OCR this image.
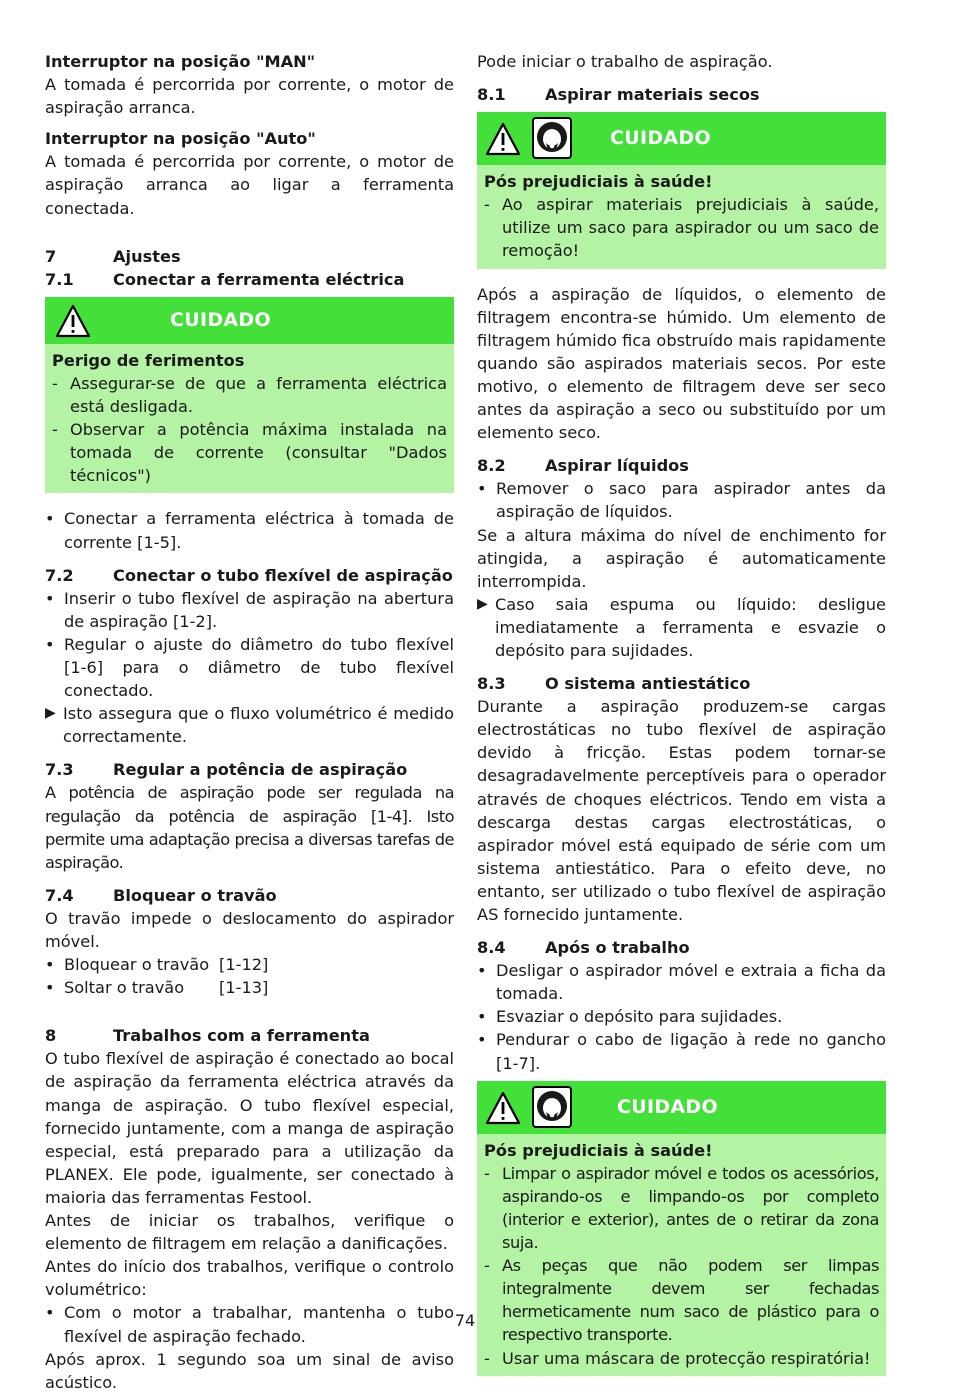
Interruptor na posição "MAN"

A tomada é percorrida por corrente, o motor de aspiração arranca.

Interruptor na posição "Auto"

A tomada é percorrida por corrente, o motor de aspiração arranca ao ligar a ferramenta conectada.

7	Ajustes
7.1	Conectar a ferramenta eléctrica
CUIDADO

Perigo de ferimentos

- Assegurar-se de que a ferramenta eléctrica está desligada.
- Observar a potência máxima instalada na tomada de corrente (consultar "Dados técnicos")
• Conectar a ferramenta eléctrica à tomada de corrente [1-5].
7.2	Conectar o tubo flexível de aspiração
• Inserir o tubo flexível de aspiração na abertura de aspiração [1-2].
• Regular o ajuste do diâmetro do tubo flexível [1-6] para o diâmetro de tubo flexível conectado.
▶ Isto assegura que o fluxo volumétrico é medido correctamente.
7.3	Regular a potência de aspiração

A potência de aspiração pode ser regulada na regulação da potência de aspiração [1-4]. Isto permite uma adaptação precisa a diversas tarefas de aspiração.

7.4	Bloquear o travão

O travão impede o deslocamento do aspirador móvel.

• Bloquear o travão [1-12]
• Soltar o travão [1-13]
8	Trabalhos com a ferramenta

O tubo flexível de aspiração é conectado ao bocal de aspiração da ferramenta eléctrica através da manga de aspiração. O tubo flexível especial, fornecido juntamente, com a manga de aspiração especial, está preparado para a utilização da PLANEX. Ele pode, igualmente, ser conectado à maioria das ferramentas Festool.

Antes de iniciar os trabalhos, verifique o elemento de filtragem em relação a danificações.

Antes do início dos trabalhos, verifique o controlo volumétrico:

• Com o motor a trabalhar, mantenha o tubo flexível de aspiração fechado.

Após aprox. 1 segundo soa um sinal de aviso acústico.

Pode iniciar o trabalho de aspiração.

8.1	Aspirar materiais secos
CUIDADO

Pós prejudiciais à saúde!

- Ao aspirar materiais prejudiciais à saúde, utilize um saco para aspirador ou um saco de remoção!

Após a aspiração de líquidos, o elemento de filtragem encontra-se húmido. Um elemento de filtragem húmido fica obstruído mais rapidamente quando são aspirados materiais secos. Por este motivo, o elemento de filtragem deve ser seco antes da aspiração a seco ou substituído por um elemento seco.

8.2	Aspirar líquidos
• Remover o saco para aspirador antes da aspiração de líquidos.

Se a altura máxima do nível de enchimento for atingida, a aspiração é automaticamente interrompida.

▶ Caso saia espuma ou líquido: desligue imediatamente a ferramenta e esvazie o depósito para sujidades.
8.3	O sistema antiestático

Durante a aspiração produzem-se cargas electrostáticas no tubo flexível de aspiração devido à fricção. Estas podem tornar-se desagradavelmente perceptíveis para o operador através de choques eléctricos. Tendo em vista a descarga destas cargas electrostáticas, o aspirador móvel está equipado de série com um sistema antiestático. Para o efeito deve, no entanto, ser utilizado o tubo flexível de aspiração AS fornecido juntamente.

8.4	Após o trabalho
• Desligar o aspirador móvel e extraia a ficha da tomada.
• Esvaziar o depósito para sujidades.
• Pendurar o cabo de ligação à rede no gancho [1-7].
CUIDADO

Pós prejudiciais à saúde!

- Limpar o aspirador móvel e todos os acessórios, aspirando-os e limpando-os por completo (interior e exterior), antes de o retirar da zona suja.
- As peças que não podem ser limpas integralmente devem ser fechadas hermeticamente num saco de plástico para o respectivo transporte.
- Usar uma máscara de protecção respiratória!
74
